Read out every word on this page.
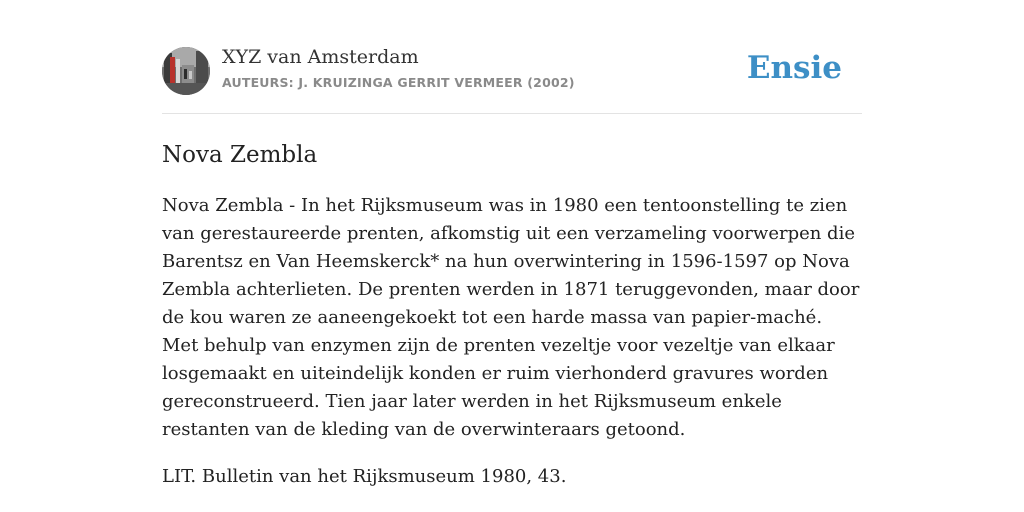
XYZ van Amsterdam
AUTEURS: J. KRUIZINGA GERRIT VERMEER (2002)	Ensie
Nova Zembla

Nova Zembla - In het Rijksmuseum was in 1980 een tentoonstelling te zien van gerestaureerde prenten, afkomstig uit een verzameling voorwerpen die Barentsz en Van Heemskerck* na hun overwintering in 1596-1597 op Nova Zembla achterlieten. De prenten werden in 1871 teruggevonden, maar door de kou waren ze aaneengekoekt tot een harde massa van papier-maché. Met behulp van enzymen zijn de prenten vezeltje voor vezeltje van elkaar losgemaakt en uiteindelijk konden er ruim vierhonderd gravures worden gereconstrueerd. Tien jaar later werden in het Rijksmuseum enkele restanten van de kleding van de overwinteraars getoond.

LIT. Bulletin van het Rijksmuseum 1980, 43.
